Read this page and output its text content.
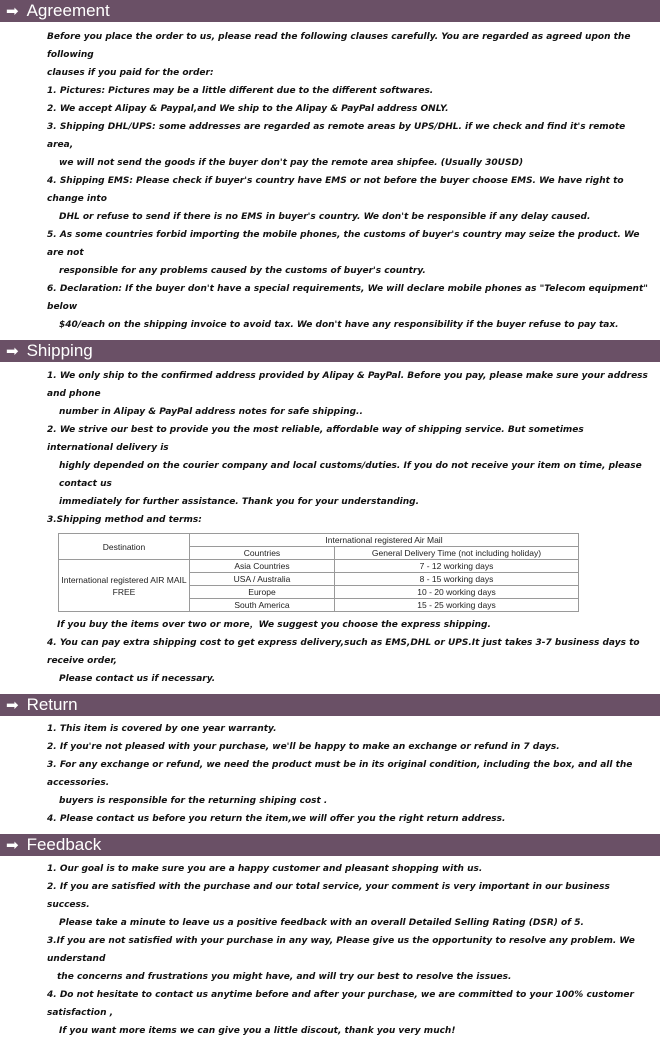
➡ Agreement

Before you place the order to us, please read the following clauses carefully. You are regarded as agreed upon the following

clauses if you paid for the order:

1. Pictures: Pictures may be a little different due to the different softwares.

2. We accept Alipay & Paypal,and We ship to the Alipay & PayPal address ONLY.

3. Shipping DHL/UPS: some addresses are regarded as remote areas by UPS/DHL. if we check and find it's remote area,

we will not send the goods if the buyer don't pay the remote area shipfee. (Usually 30USD)

4. Shipping EMS: Please check if buyer's country have EMS or not before the buyer choose EMS. We have right to change into

DHL or refuse to send if there is no EMS in buyer's country. We don't be responsible if any delay caused.

5. As some countries forbid importing the mobile phones, the customs of buyer's country may seize the product. We are not

responsible for any problems caused by the customs of buyer's country.

6. Declaration: If the buyer don't have a special requirements, We will declare mobile phones as "Telecom equipment" below

$40/each on the shipping invoice to avoid tax. We don't have any responsibility if the buyer refuse to pay tax.

➡ Shipping

1. We only ship to the confirmed address provided by Alipay & PayPal. Before you pay, please make sure your address and phone

number in Alipay & PayPal address notes for safe shipping..

2. We strive our best to provide you the most reliable, affordable way of shipping service. But sometimes international delivery is

highly depended on the courier company and local customs/duties. If you do not receive your item on time, please contact us

immediately for further assistance. Thank you for your understanding.

3.Shipping method and terms:

Destination	International registered Air Mail	
	Countries	General Delivery Time (not including holiday)
International registered AIR MAIL FREE	Asia Countries	7 - 12 working days
	USA / Australia	8 - 15 working days
	Europe	10 - 20 working days
	South America	15 - 25 working days

If you buy the items over two or more，We suggest you choose the express shipping.

4. You can pay extra shipping cost to get express delivery,such as EMS,DHL or UPS.It just takes 3-7 business days to receive order,

Please contact us if necessary.

➡ Return

1. This item is covered by one year warranty.

2. If you're not pleased with your purchase, we'll be happy to make an exchange or refund in 7 days.

3. For any exchange or refund, we need the product must be in its original condition, including the box, and all the accessories.

buyers is responsible for the returning shiping cost .

4. Please contact us before you return the item,we will offer you the right return address.

➡ Feedback

1. Our goal is to make sure you are a happy customer and pleasant shopping with us.

2. If you are satisfied with the purchase and our total service, your comment is very important in our business success.

Please take a minute to leave us a positive feedback with an overall Detailed Selling Rating (DSR) of 5.

3.If you are not satisfied with your purchase in any way, Please give us the opportunity to resolve any problem. We understand

the concerns and frustrations you might have, and will try our best to resolve the issues.

4. Do not hesitate to contact us anytime before and after your purchase, we are committed to your 100% customer satisfaction ,

If you want more items we can give you a little discout, thank you very much!
